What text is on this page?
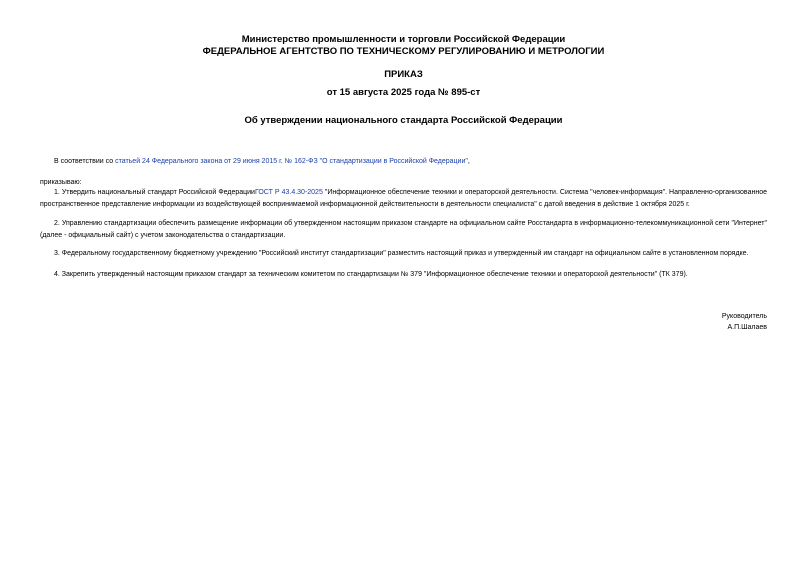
Министерство промышленности и торговли Российской Федерации
ФЕДЕРАЛЬНОЕ АГЕНТСТВО ПО ТЕХНИЧЕСКОМУ РЕГУЛИРОВАНИЮ И МЕТРОЛОГИИ
ПРИКАЗ
от 15 августа 2025 года № 895-ст
Об утверждении национального стандарта Российской Федерации
В соответствии со статьей 24 Федерального закона от 29 июня 2015 г. № 162-ФЗ "О стандартизации в Российской Федерации",
приказываю:
1. Утвердить национальный стандарт Российской ФедерацииГОСТ Р 43.4.30-2025 "Информационное обеспечение техники и операторской деятельности. Система "человек-информация". Направленно-организованное пространственное представление информации из воздействующей воспринимаемой информационной действительности в деятельности специалиста" с датой введения в действие 1 октября 2025 г.
2. Управлению стандартизации обеспечить размещение информации об утвержденном настоящим приказом стандарте на официальном сайте Росстандарта в информационно-телекоммуникационной сети "Интернет" (далее - официальный сайт) с учетом законодательства о стандартизации.
3. Федеральному государственному бюджетному учреждению "Российский институт стандартизации" разместить настоящий приказ и утвержденный им стандарт на официальном сайте в установленном порядке.
4. Закрепить утвержденный настоящим приказом стандарт за техническим комитетом по стандартизации № 379 "Информационное обеспечение техники и операторской деятельности" (ТК 379).
Руководитель
А.П.Шалаев
